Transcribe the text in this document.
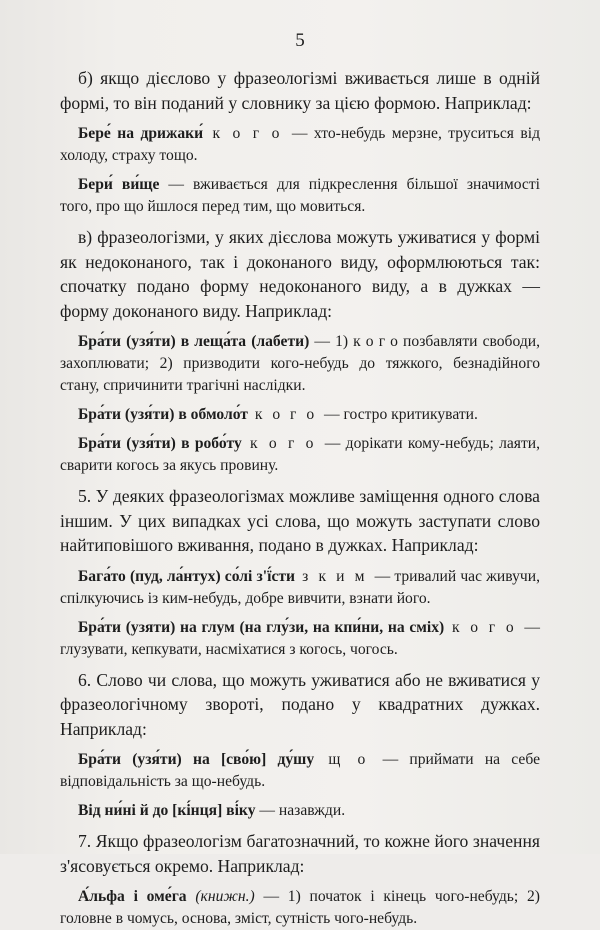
5

б) якщо дієслово у фразеологізмі вживається лише в одній формі, то він поданий у словнику за цією формою. Наприклад:

Бере́ на дрижаки́ к о г о — хто-небудь мерзне, труситься від холоду, страху тощо.

Бери́ ви́ще — вживається для підкреслення більшої значимості того, про що йшлося перед тим, що мовиться.

в) фразеологізми, у яких дієслова можуть уживатися у формі як недоконаного, так і доконаного виду, оформлюються так: спочатку подано форму недоконаного виду, а в дужках — форму доконаного виду. Наприклад:

Бра́ти (узя́ти) в леща́та (лабети) — 1) к о г о позбавляти свободи, захоплювати; 2) призводити кого-небудь до тяжкого, безнадійного стану, спричинити трагічні наслідки.

Бра́ти (узя́ти) в обмоло́т к о г о — гостро критикувати.

Бра́ти (узя́ти) в робо́ту к о г о — дорікати кому-небудь; лаяти, сварити когось за якусь провину.

5. У деяких фразеологізмах можливе заміщення одного слова іншим. У цих випадках усі слова, що можуть заступати слово найтиповішого вживання, подано в дужках. Наприклад:

Бага́то (пуд, ла́нтух) со́лі з'ї́сти з к и м — тривалий час живучи, спілкуючись із ким-небудь, добре вивчити, взнати його.

Бра́ти (узяти) на глум (на глу́зи, на кпи́ни, на сміх) к о г о — глузувати, кепкувати, насміхатися з когось, чогось.

6. Слово чи слова, що можуть уживатися або не вживатися у фразеологічному звороті, подано у квадратних дужках. Наприклад:

Бра́ти (узя́ти) на [сво́ю] ду́шу щ о — приймати на себе відповідальність за що-небудь.

Від ни́ні й до [кі́нця] ві́ку — назавжди.

7. Якщо фразеологізм багатозначний, то кожне його значення з'ясовується окремо. Наприклад:

А́льфа і оме́га (книжн.) — 1) початок і кінець чого-небудь; 2) головне в чомусь, основа, зміст, сутність чого-небудь.
